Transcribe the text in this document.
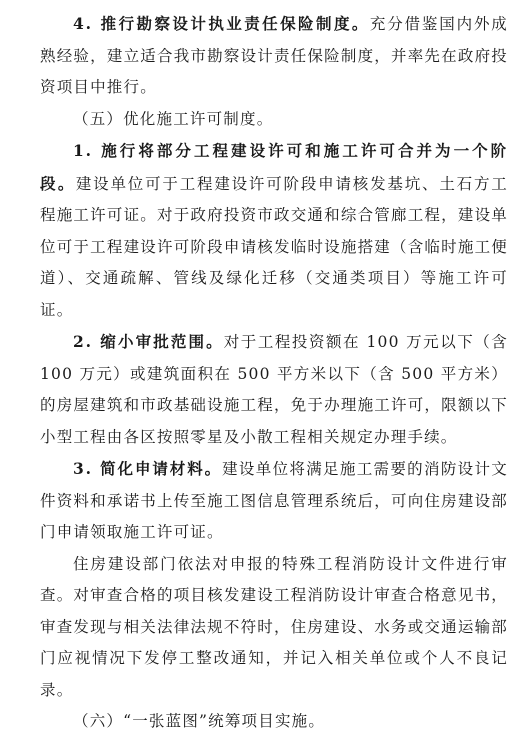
4. 推行勘察设计执业责任保险制度。充分借鉴国内外成熟经验，建立适合我市勘察设计责任保险制度，并率先在政府投资项目中推行。

（五）优化施工许可制度。

1. 施行将部分工程建设许可和施工许可合并为一个阶段。建设单位可于工程建设许可阶段申请核发基坑、土石方工程施工许可证。对于政府投资市政交通和综合管廊工程，建设单位可于工程建设许可阶段申请核发临时设施搭建（含临时施工便道）、交通疏解、管线及绿化迁移（交通类项目）等施工许可证。

2. 缩小审批范围。对于工程投资额在 100 万元以下（含 100 万元）或建筑面积在 500 平方米以下（含 500 平方米）的房屋建筑和市政基础设施工程，免于办理施工许可，限额以下小型工程由各区按照零星及小散工程相关规定办理手续。

3. 简化申请材料。建设单位将满足施工需要的消防设计文件资料和承诺书上传至施工图信息管理系统后，可向住房建设部门申请领取施工许可证。

住房建设部门依法对申报的特殊工程消防设计文件进行审查。对审查合格的项目核发建设工程消防设计审查合格意见书，审查发现与相关法律法规不符时，住房建设、水务或交通运输部门应视情况下发停工整改通知，并记入相关单位或个人不良记录。

（六）“一张蓝图”统筹项目实施。
